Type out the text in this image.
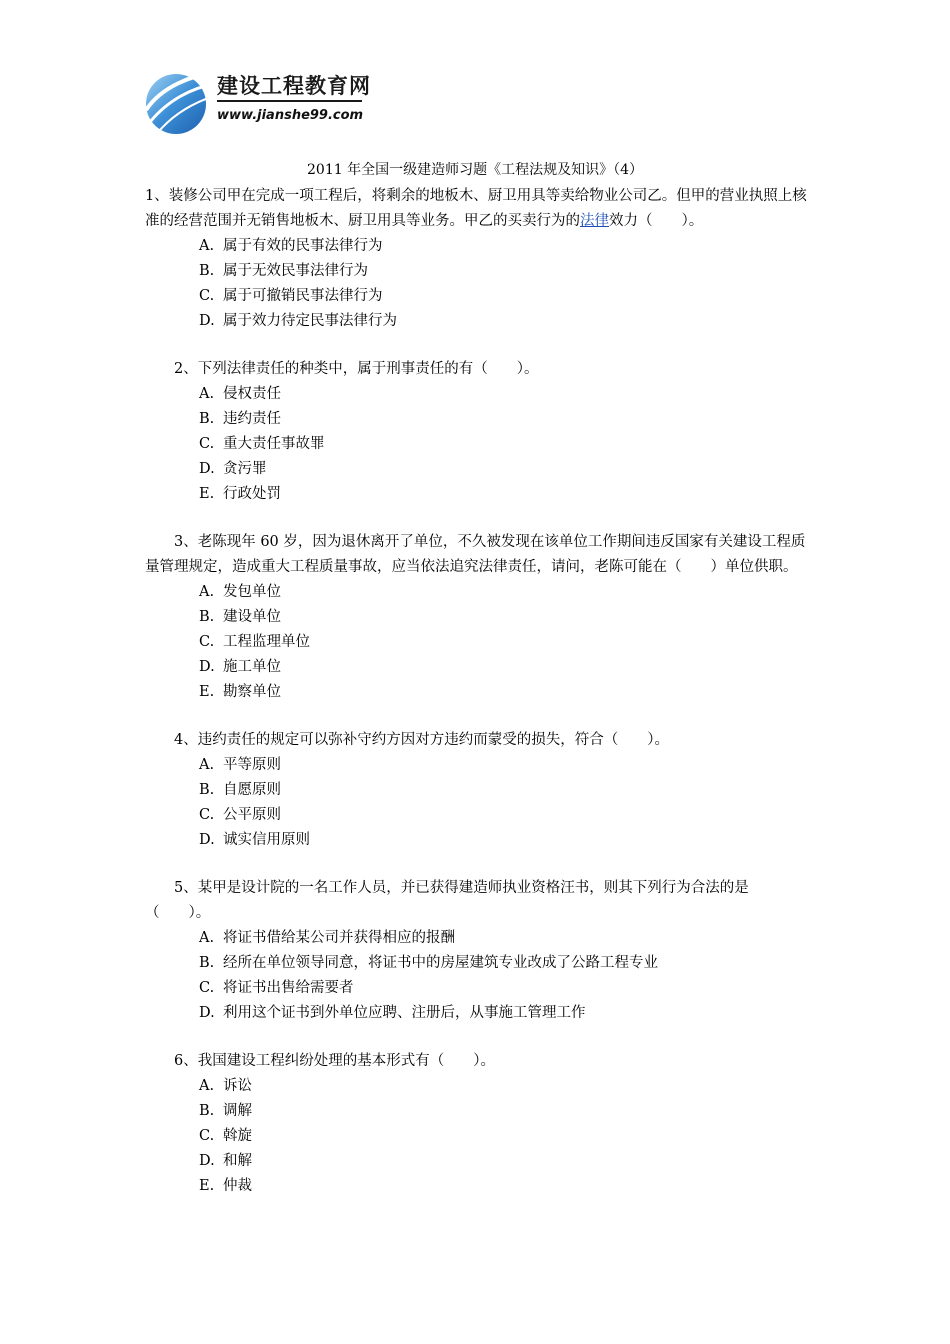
建设工程教育网
www.jianshe99.com
2011 年全国一级建造师习题《工程法规及知识》（4）

1、装修公司甲在完成一项工程后，将剩余的地板木、厨卫用具等卖给物业公司乙。但甲的营业执照上核准的经营范围并无销售地板木、厨卫用具等业务。甲乙的买卖行为的法律效力（　　）。

A. 属于有效的民事法律行为

B. 属于无效民事法律行为

C. 属于可撤销民事法律行为

D. 属于效力待定民事法律行为

2、下列法律责任的种类中，属于刑事责任的有（　　）。

A. 侵权责任

B. 违约责任

C. 重大责任事故罪

D. 贪污罪

E. 行政处罚

3、老陈现年 60 岁，因为退休离开了单位，不久被发现在该单位工作期间违反国家有关建设工程质量管理规定，造成重大工程质量事故，应当依法追究法律责任，请问，老陈可能在（　　）单位供职。

A. 发包单位

B. 建设单位

C. 工程监理单位

D. 施工单位

E. 勘察单位

4、违约责任的规定可以弥补守约方因对方违约而蒙受的损失，符合（　　）。

A. 平等原则

B. 自愿原则

C. 公平原则

D. 诚实信用原则

5、某甲是设计院的一名工作人员，并已获得建造师执业资格汪书，则其下列行为合法的是（　　）。

A. 将证书借给某公司并获得相应的报酬

B. 经所在单位领导同意，将证书中的房屋建筑专业改成了公路工程专业

C. 将证书出售给需要者

D. 利用这个证书到外单位应聘、注册后，从事施工管理工作

6、我国建设工程纠纷处理的基本形式有（　　）。

A. 诉讼

B. 调解

C. 斡旋

D. 和解

E. 仲裁
